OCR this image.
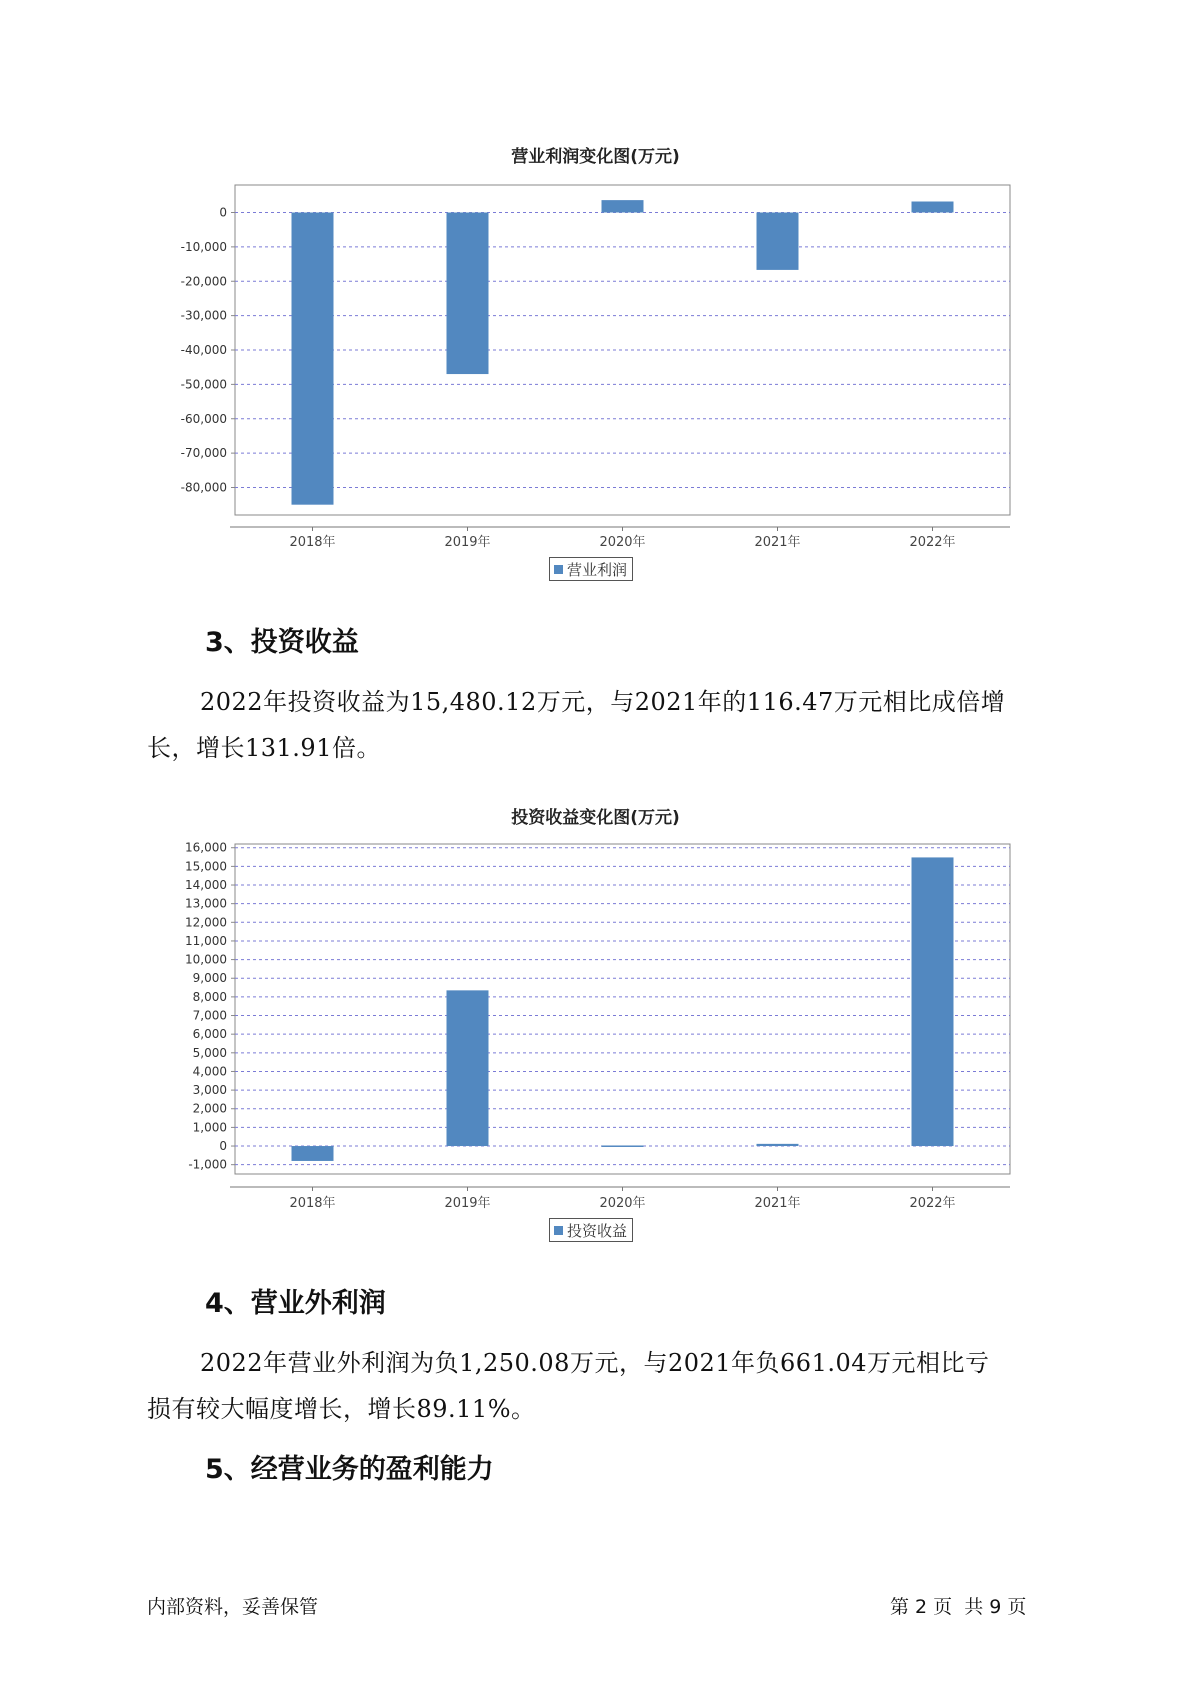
营业利润变化图(万元)
0
-10,000
-20,000
-30,000
-40,000
-50,000
-60,000
-70,000
-80,000
2018年	2019年	2020年	2021年	2022年
营业利润
3、投资收益
2022年投资收益为15,480.12万元，与2021年的116.47万元相比成倍增
长，增长131.91倍。
投资收益变化图(万元)
16,000
15,000
14,000
13,000
12,000
11,000
10,000
9,000
8,000
7,000
6,000
5,000
4,000
3,000
2,000
1,000
0
-1,000
2018年	2019年	2020年	2021年	2022年
投资收益
4、营业外利润
2022年营业外利润为负1,250.08万元，与2021年负661.04万元相比亏
损有较大幅度增长，增长89.11%。
5、经营业务的盈利能力
内部资料，妥善保管	第 2 页  共 9 页
